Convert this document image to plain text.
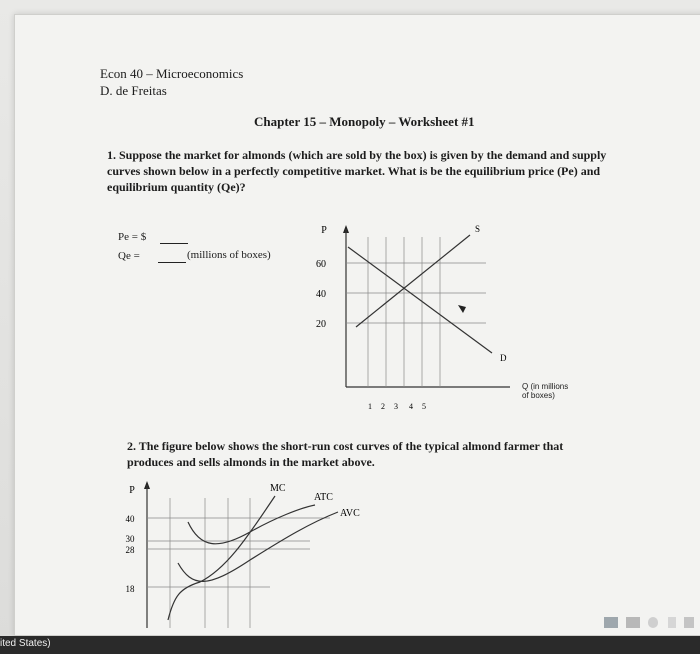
Econ 40 – Microeconomics
D. de Freitas
Chapter 15 – Monopoly – Worksheet #1
1. Suppose the market for almonds (which are sold by the box) is given by the demand and supply curves shown below in a perfectly competitive market. What is be the equilibrium price (Pe) and equilibrium quantity (Qe)?
Pe = $
Qe =	(millions of boxes)
P
60
40
20
S
D
1 2 3 4 5
Q (in millions
of boxes)
2. The figure below shows the short-run cost curves of the typical almond farmer that produces and sells almonds in the market above.
P
40
30
28
18
MC
ATC
AVC
ited States)
